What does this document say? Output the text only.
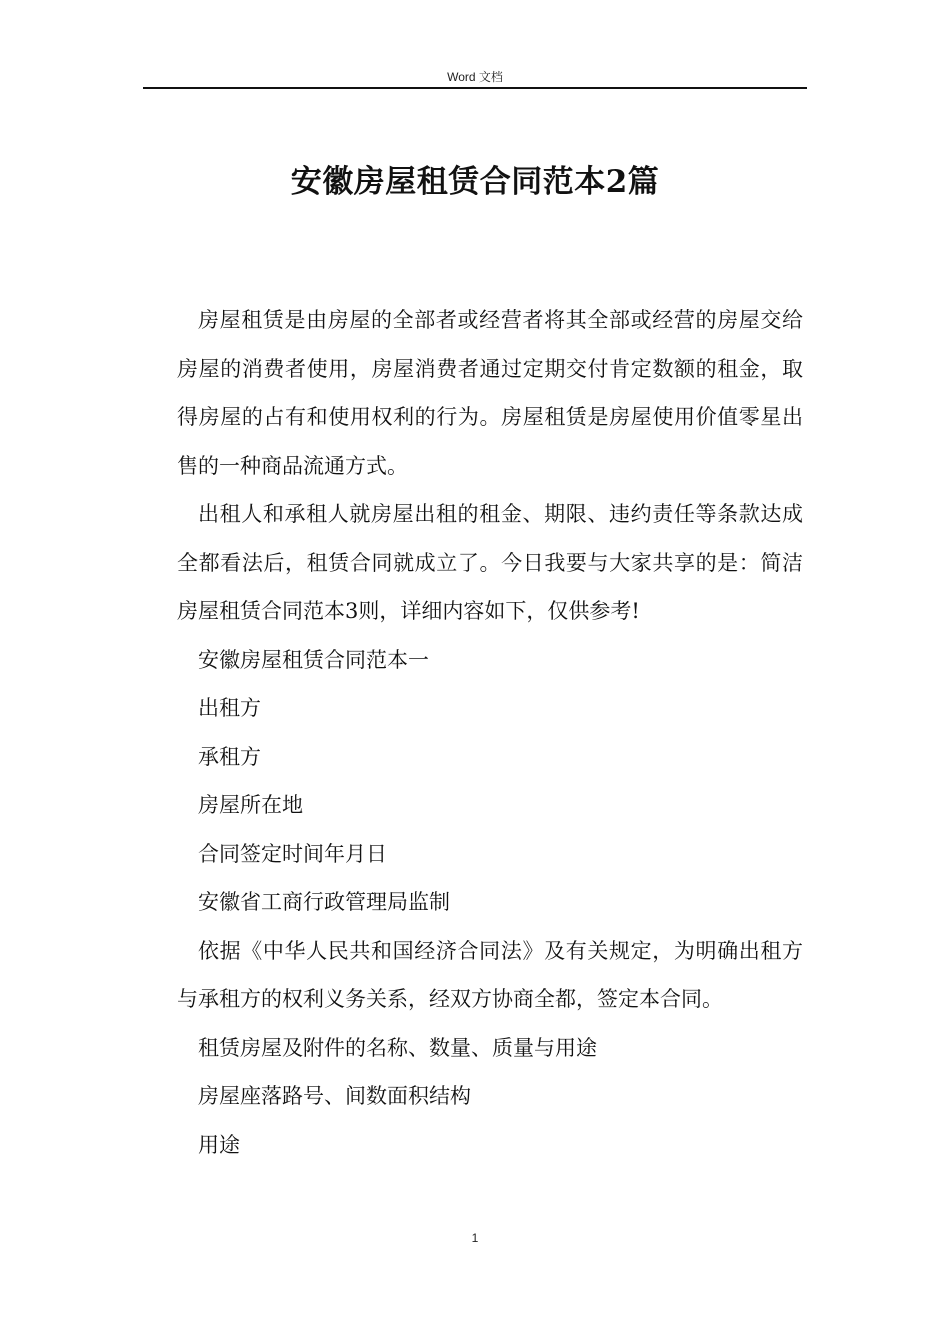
Word 文档
安徽房屋租赁合同范本2篇

房屋租赁是由房屋的全部者或经营者将其全部或经营的房屋交给房屋的消费者使用，房屋消费者通过定期交付肯定数额的租金，取得房屋的占有和使用权利的行为。房屋租赁是房屋使用价值零星出售的一种商品流通方式。

出租人和承租人就房屋出租的租金、期限、违约责任等条款达成全都看法后，租赁合同就成立了。今日我要与大家共享的是：简洁房屋租赁合同范本3则，详细内容如下，仅供参考!

安徽房屋租赁合同范本一

出租方

承租方

房屋所在地

合同签定时间年月日

安徽省工商行政管理局监制

依据《中华人民共和国经济合同法》及有关规定，为明确出租方与承租方的权利义务关系，经双方协商全都，签定本合同。

租赁房屋及附件的名称、数量、质量与用途

房屋座落路号、间数面积结构

用途

1
